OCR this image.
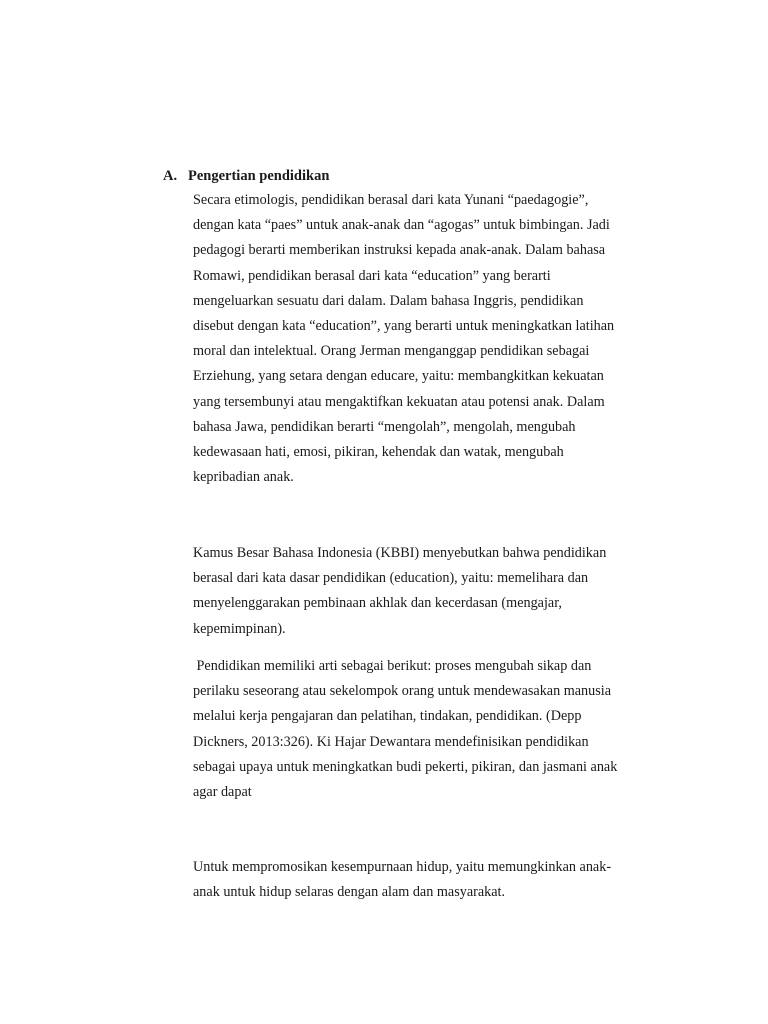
A. Pengertian pendidikan
Secara etimologis, pendidikan berasal dari kata Yunani “paedagogie”,
dengan kata “paes” untuk anak-anak dan “agogas” untuk bimbingan. Jadi
pedagogi berarti memberikan instruksi kepada anak-anak. Dalam bahasa
Romawi, pendidikan berasal dari kata “education” yang berarti
mengeluarkan sesuatu dari dalam. Dalam bahasa Inggris, pendidikan
disebut dengan kata “education”, yang berarti untuk meningkatkan latihan
moral dan intelektual. Orang Jerman menganggap pendidikan sebagai
Erziehung, yang setara dengan educare, yaitu: membangkitkan kekuatan
yang tersembunyi atau mengaktifkan kekuatan atau potensi anak. Dalam
bahasa Jawa, pendidikan berarti “mengolah”, mengolah, mengubah
kedewasaan hati, emosi, pikiran, kehendak dan watak, mengubah
kepribadian anak.
Kamus Besar Bahasa Indonesia (KBBI) menyebutkan bahwa pendidikan
berasal dari kata dasar pendidikan (education), yaitu: memelihara dan
menyelenggarakan pembinaan akhlak dan kecerdasan (mengajar,
kepemimpinan).
Pendidikan memiliki arti sebagai berikut: proses mengubah sikap dan
perilaku seseorang atau sekelompok orang untuk mendewasakan manusia
melalui kerja pengajaran dan pelatihan, tindakan, pendidikan. (Depp
Dickners, 2013:326). Ki Hajar Dewantara mendefinisikan pendidikan
sebagai upaya untuk meningkatkan budi pekerti, pikiran, dan jasmani anak
agar dapat
Untuk mempromosikan kesempurnaan hidup, yaitu memungkinkan anak-
anak untuk hidup selaras dengan alam dan masyarakat.
